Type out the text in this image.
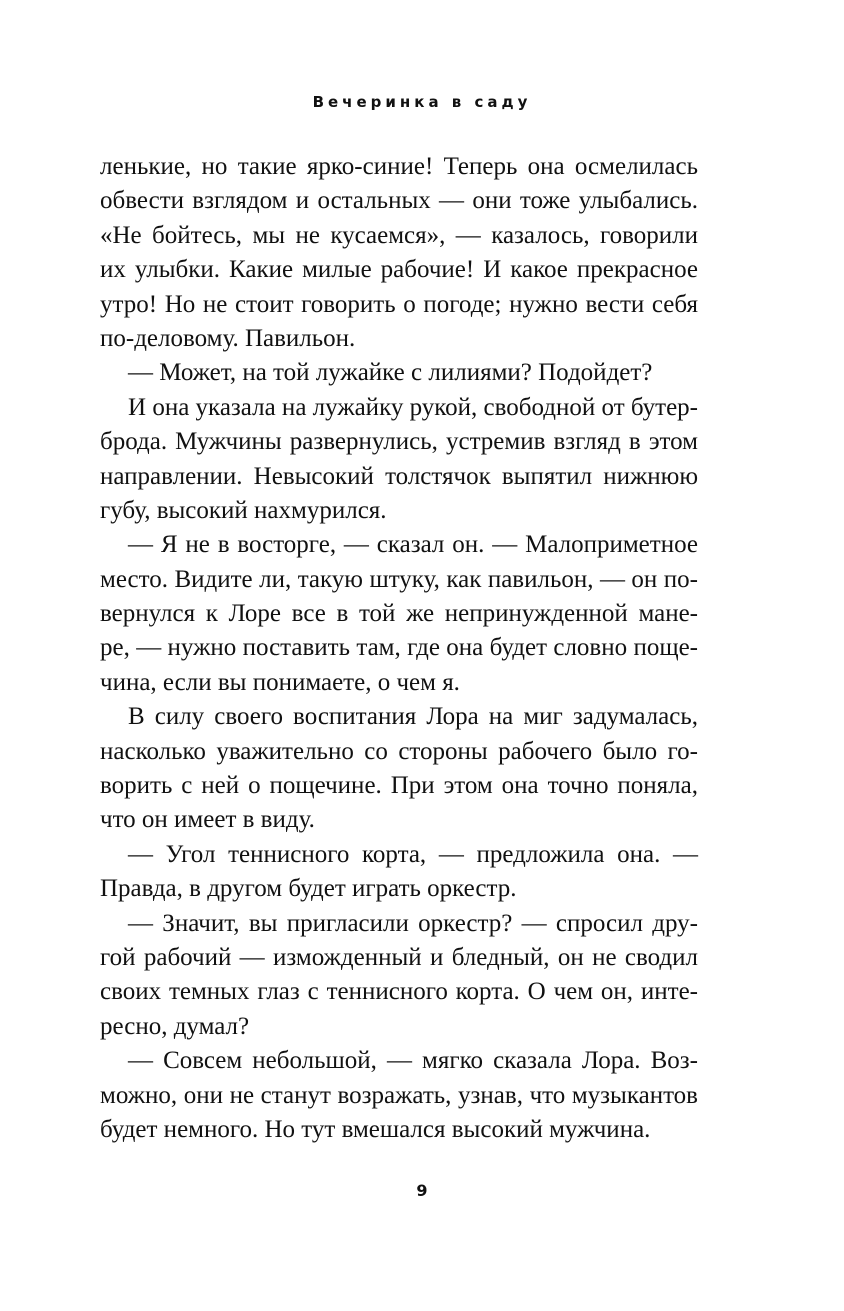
Вечеринка в саду
ленькие, но такие ярко-синие! Теперь она осмелилась
обвести взглядом и остальных — они тоже улыбались.
«Не бойтесь, мы не кусаемся», — казалось, говорили
их улыбки. Какие милые рабочие! И какое прекрасное
утро! Но не стоит говорить о погоде; нужно вести себя
по-деловому. Павильон.
— Может, на той лужайке с лилиями? Подойдет?
И она указала на лужайку рукой, свободной от бутер-
брода. Мужчины развернулись, устремив взгляд в этом
направлении. Невысокий толстячок выпятил нижнюю
губу, высокий нахмурился.
— Я не в восторге, — сказал он. — Малоприметное
место. Видите ли, такую штуку, как павильон, — он по-
вернулся к Лоре все в той же непринужденной мане-
ре, — нужно поставить там, где она будет словно поще-
чина, если вы понимаете, о чем я.
В силу своего воспитания Лора на миг задумалась,
насколько уважительно со стороны рабочего было го-
ворить с ней о пощечине. При этом она точно поняла,
что он имеет в виду.
— Угол теннисного корта, — предложила она. —
Правда, в другом будет играть оркестр.
— Значит, вы пригласили оркестр? — спросил дру-
гой рабочий — изможденный и бледный, он не сводил
своих темных глаз с теннисного корта. О чем он, инте-
ресно, думал?
— Совсем небольшой, — мягко сказала Лора. Воз-
можно, они не станут возражать, узнав, что музыкантов
будет немного. Но тут вмешался высокий мужчина.
9
